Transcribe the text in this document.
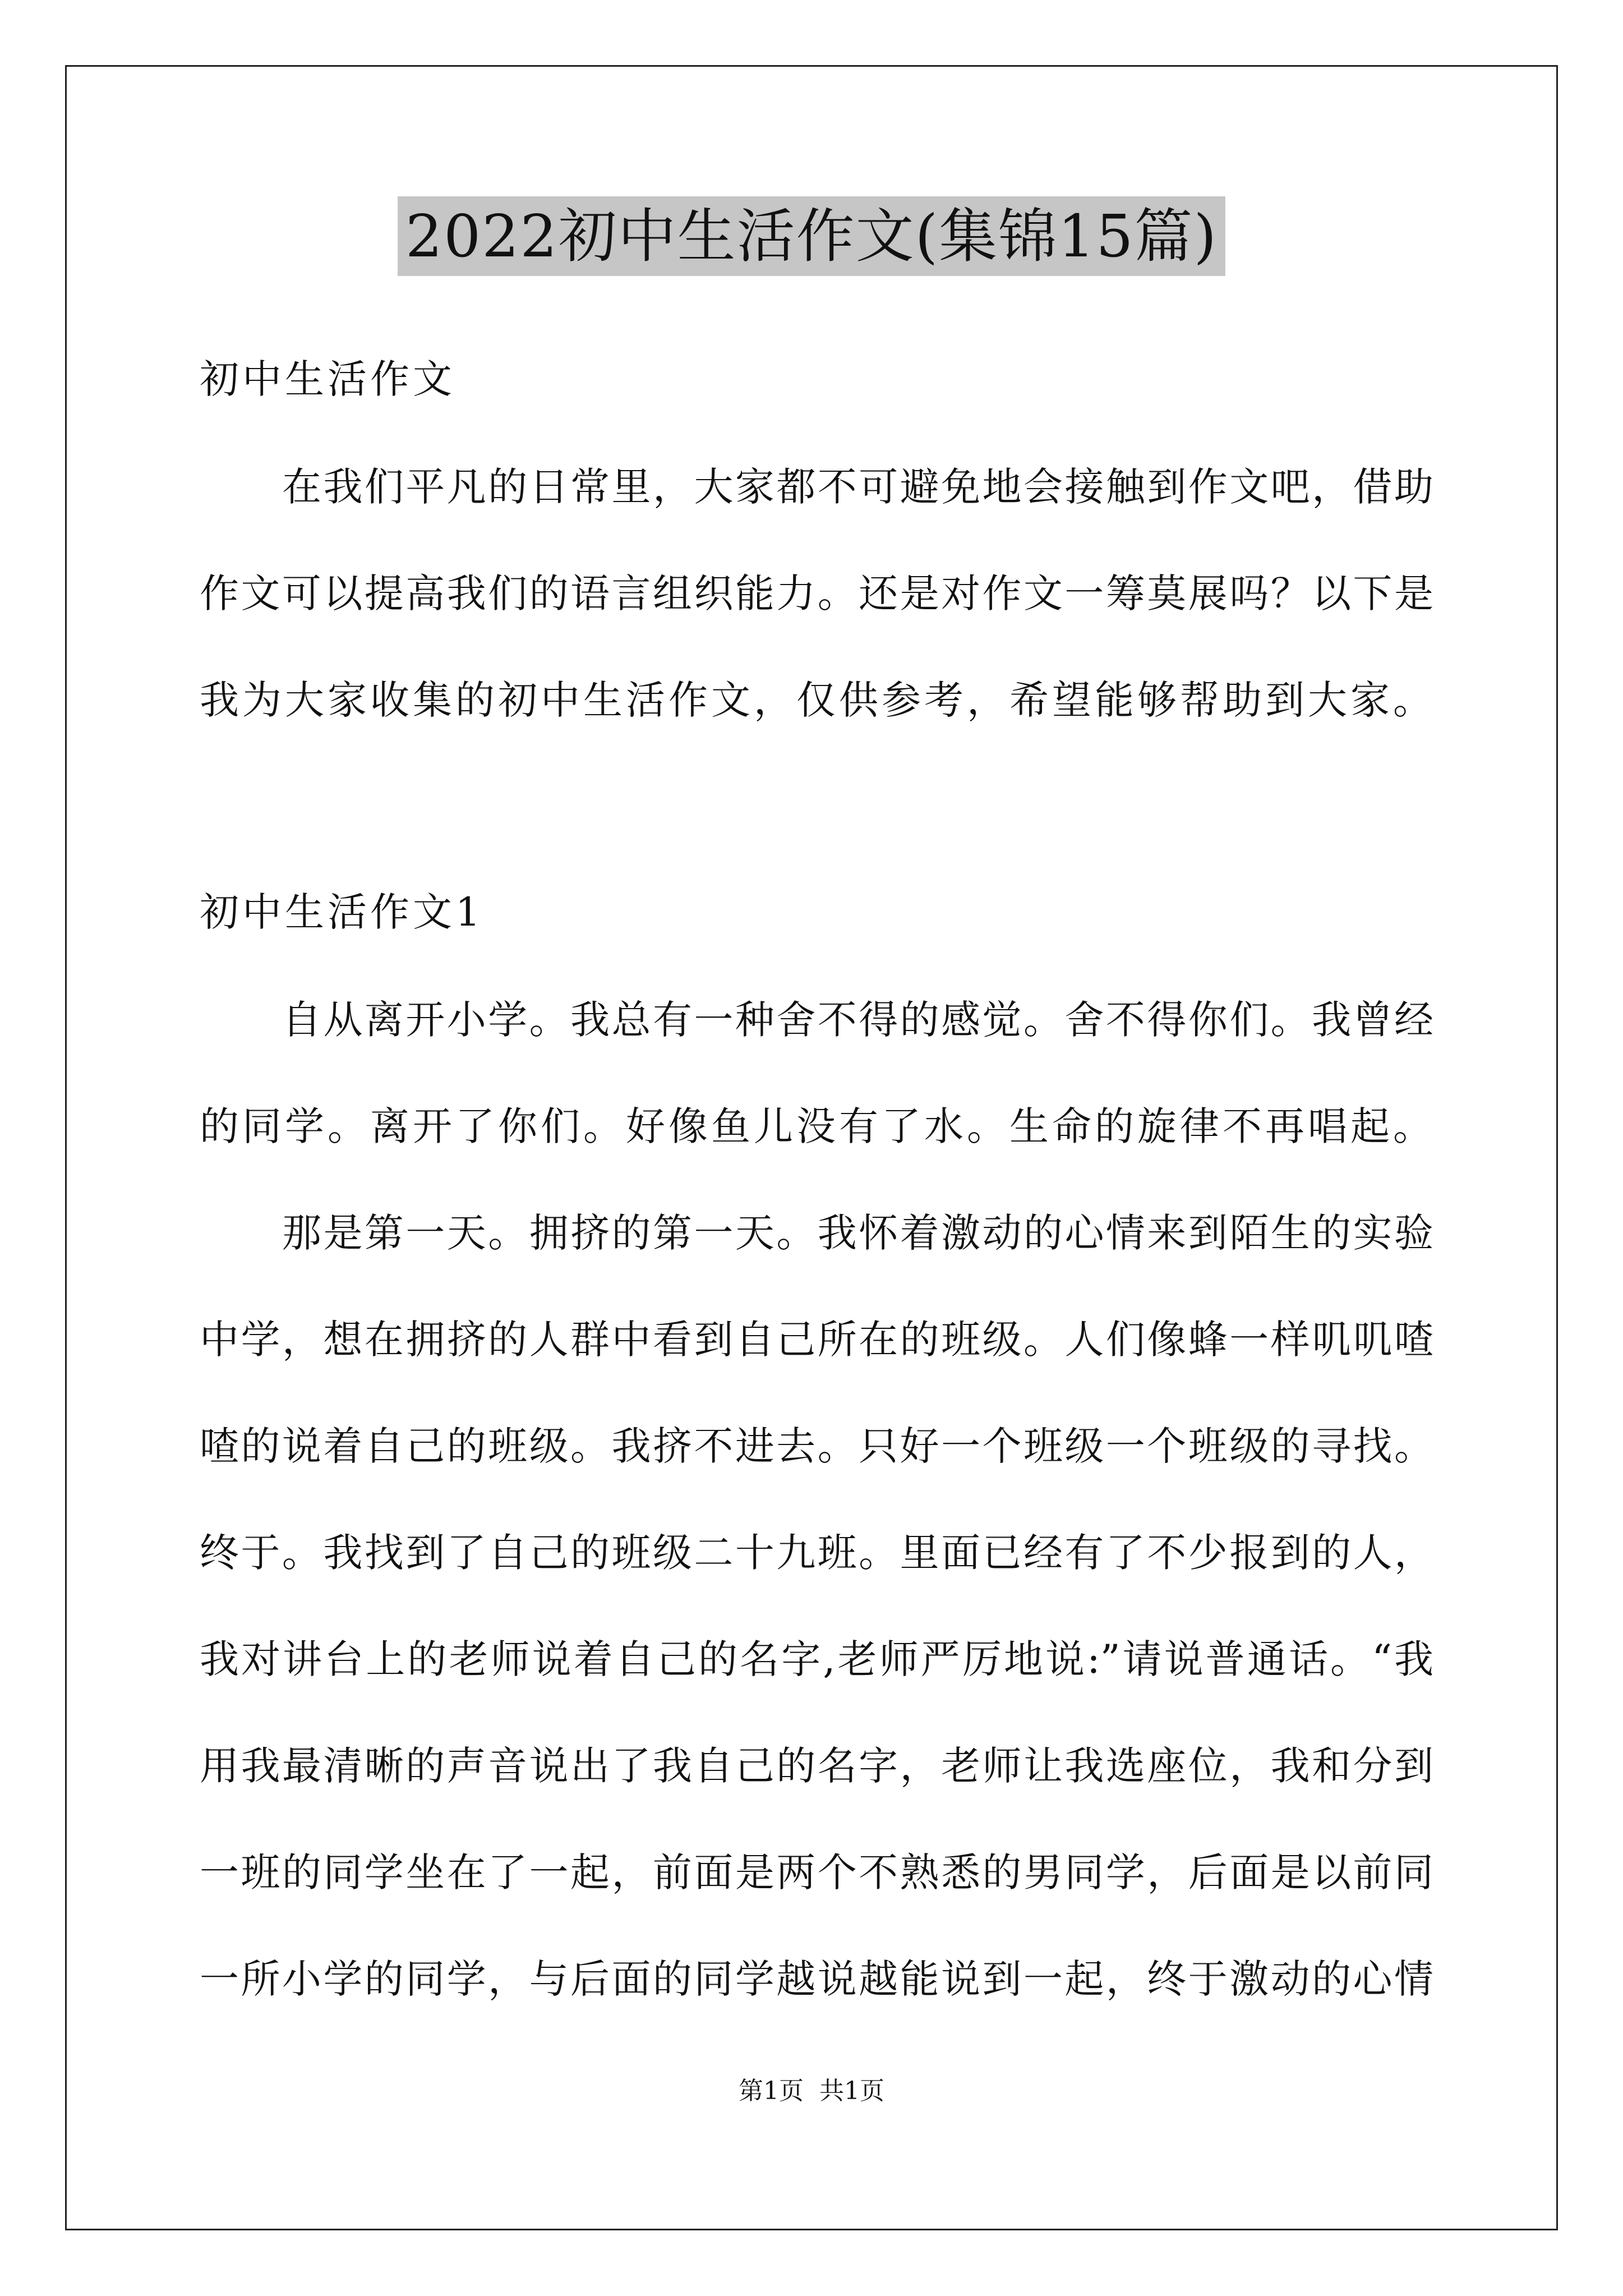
2022初中生活作文(集锦15篇)
初中生活作文
在我们平凡的日常里，大家都不可避免地会接触到作文吧，借助
作文可以提高我们的语言组织能力。还是对作文一筹莫展吗？以下是
我为大家收集的初中生活作文，仅供参考，希望能够帮助到大家。
初中生活作文1
自从离开小学。我总有一种舍不得的感觉。舍不得你们。我曾经
的同学。离开了你们。好像鱼儿没有了水。生命的旋律不再唱起。
那是第一天。拥挤的第一天。我怀着激动的心情来到陌生的实验
中学，想在拥挤的人群中看到自己所在的班级。人们像蜂一样叽叽喳
喳的说着自己的班级。我挤不进去。只好一个班级一个班级的寻找。
终于。我找到了自己的班级二十九班。里面已经有了不少报到的人，
我对讲台上的老师说着自己的名字,老师严厉地说:”请说普通话。“我
用我最清晰的声音说出了我自己的名字，老师让我选座位，我和分到
一班的同学坐在了一起，前面是两个不熟悉的男同学，后面是以前同
一所小学的同学，与后面的同学越说越能说到一起，终于激动的心情
第1页 共1页
